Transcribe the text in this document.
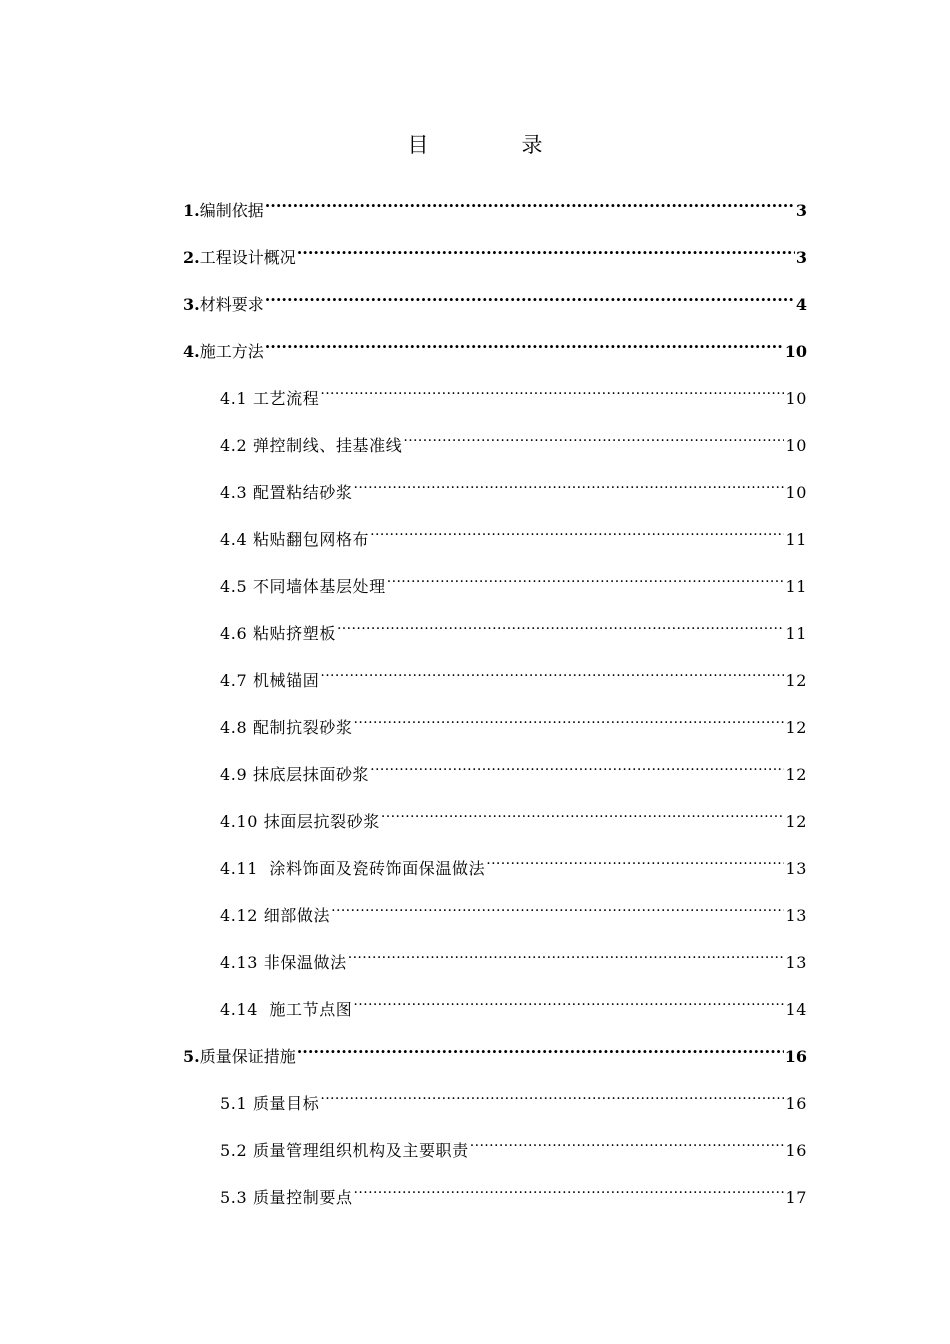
目　录
1.编制依据 .....	3
2.工程设计概况 .....	3
3.材料要求 .....	4
4.施工方法 .....	10
4.1 工艺流程 .....	10
4.2 弹控制线、挂基准线 .....	10
4.3 配置粘结砂浆 .....	10
4.4 粘贴翻包网格布 .....	11
4.5 不同墙体基层处理 .....	11
4.6 粘贴挤塑板 .....	11
4.7 机械锚固 .....	12
4.8 配制抗裂砂浆 .....	12
4.9 抹底层抹面砂浆 .....	12
4.10 抹面层抗裂砂浆 .....	12
4.11  涂料饰面及瓷砖饰面保温做法 .....	13
4.12 细部做法 .....	13
4.13 非保温做法 .....	13
4.14  施工节点图 .....	14
5.质量保证措施 .....	16
5.1 质量目标 .....	16
5.2 质量管理组织机构及主要职责 .....	16
5.3 质量控制要点 .....	17
